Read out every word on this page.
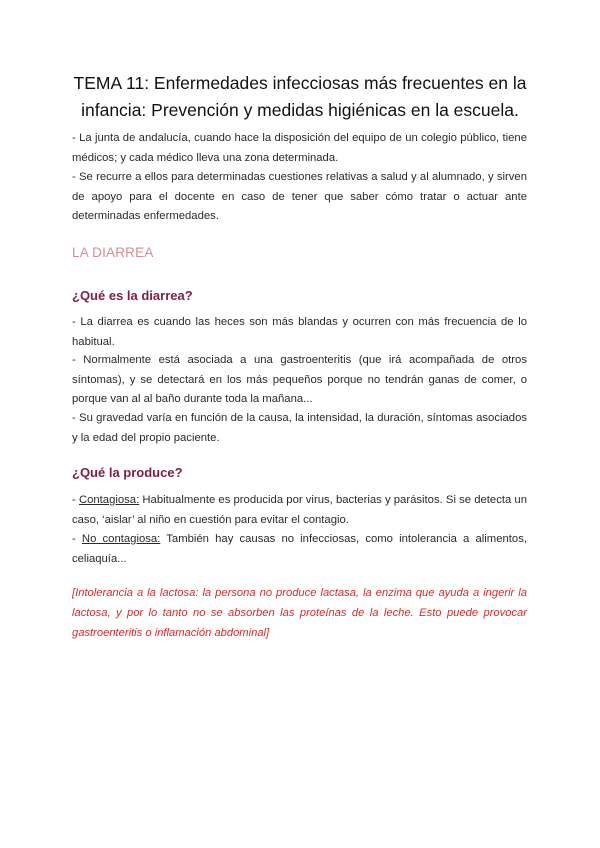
TEMA 11: Enfermedades infecciosas más frecuentes en la infancia: Prevención y medidas higiénicas en la escuela.

- La junta de andalucía, cuando hace la disposición del equipo de un colegio público, tiene médicos; y cada médico lleva una zona determinada.

- Se recurre a ellos para determinadas cuestiones relativas a salud y al alumnado, y sirven de apoyo para el docente en caso de tener que saber cómo tratar o actuar ante determinadas enfermedades.

LA DIARREA
¿Qué es la diarrea?

- La diarrea es cuando las heces son más blandas y ocurren con más frecuencia de lo habitual.

- Normalmente está asociada a una gastroenteritis (que irá acompañada de otros síntomas), y se detectará en los más pequeños porque no tendrán ganas de comer, o porque van al al baño durante toda la mañana...

- Su gravedad varía en función de la causa, la intensidad, la duración, síntomas asociados y la edad del propio paciente.

¿Qué la produce?

- Contagiosa: Habitualmente es producida por virus, bacterias y parásitos. Si se detecta un caso, ‘aislar’ al niño en cuestión para evitar el contagio.

- No contagiosa: También hay causas no infecciosas, como intolerancia a alimentos, celiaquía...

[Intolerancia a la lactosa: la persona no produce lactasa, la enzima que ayuda a ingerir la lactosa, y por lo tanto no se absorben las proteínas de la leche. Esto puede provocar gastroenteritis o inflamación abdominal]
